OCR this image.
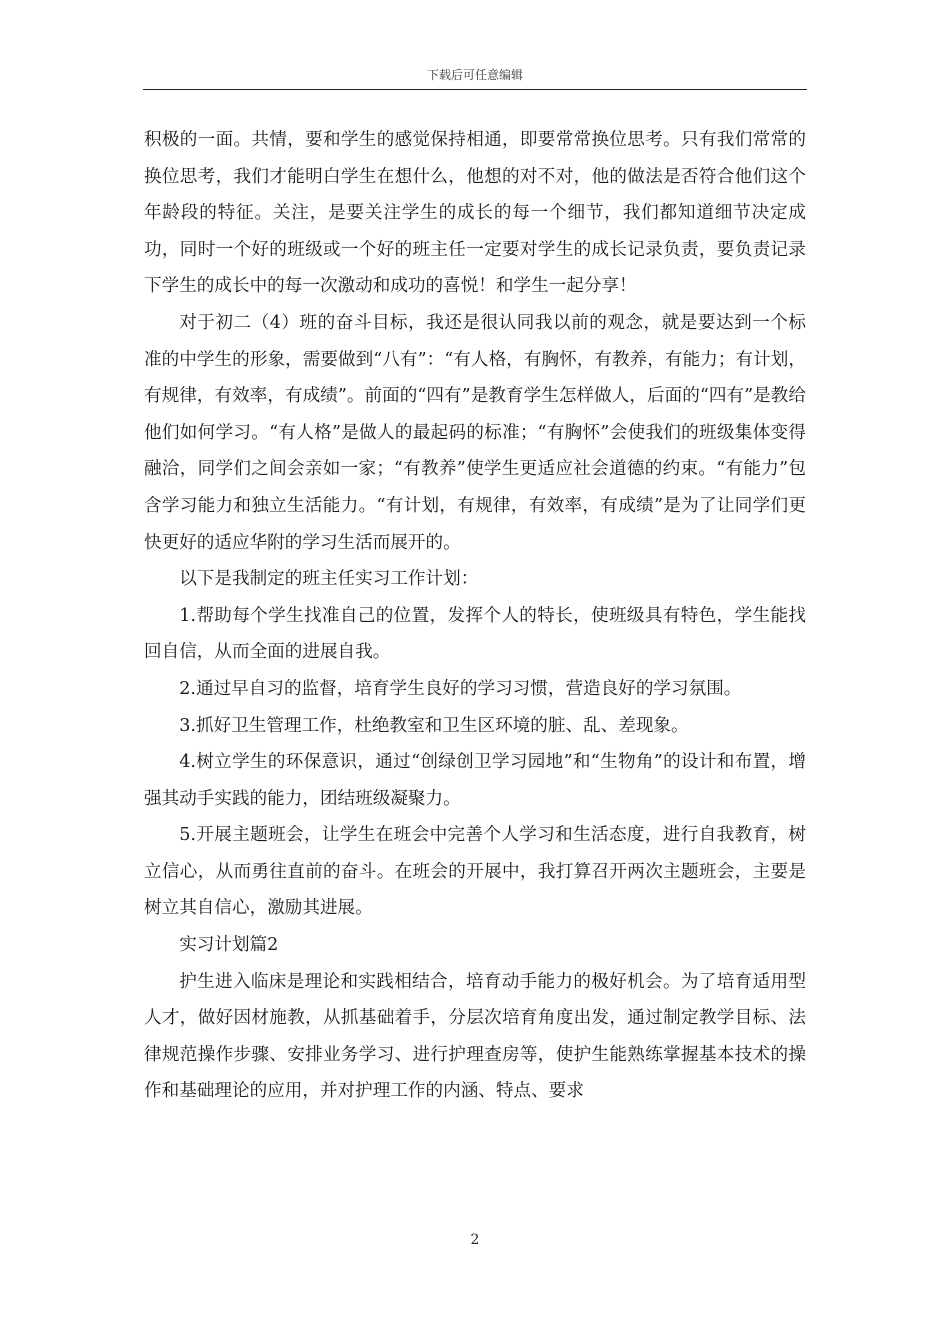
下载后可任意编辑

积极的一面。共情，要和学生的感觉保持相通，即要常常换位思考。只有我们常常的换位思考，我们才能明白学生在想什么，他想的对不对，他的做法是否符合他们这个年龄段的特征。关注，是要关注学生的成长的每一个细节，我们都知道细节决定成功，同时一个好的班级或一个好的班主任一定要对学生的成长记录负责，要负责记录下学生的成长中的每一次激动和成功的喜悦！和学生一起分享！

对于初二（4）班的奋斗目标，我还是很认同我以前的观念，就是要达到一个标准的中学生的形象，需要做到“八有”：“有人格，有胸怀，有教养，有能力；有计划，有规律，有效率，有成绩”。前面的“四有”是教育学生怎样做人，后面的“四有”是教给他们如何学习。“有人格”是做人的最起码的标准；“有胸怀”会使我们的班级集体变得融洽，同学们之间会亲如一家；“有教养”使学生更适应社会道德的约束。“有能力”包含学习能力和独立生活能力。“有计划，有规律，有效率，有成绩”是为了让同学们更快更好的适应华附的学习生活而展开的。

以下是我制定的班主任实习工作计划：

1.帮助每个学生找准自己的位置，发挥个人的特长，使班级具有特色，学生能找回自信，从而全面的进展自我。

2.通过早自习的监督，培育学生良好的学习习惯，营造良好的学习氛围。

3.抓好卫生管理工作，杜绝教室和卫生区环境的脏、乱、差现象。

4.树立学生的环保意识，通过“创绿创卫学习园地”和“生物角”的设计和布置，增强其动手实践的能力，团结班级凝聚力。

5.开展主题班会，让学生在班会中完善个人学习和生活态度，进行自我教育，树立信心，从而勇往直前的奋斗。在班会的开展中，我打算召开两次主题班会，主要是树立其自信心，激励其进展。

实习计划篇2

护生进入临床是理论和实践相结合，培育动手能力的极好机会。为了培育适用型人才，做好因材施教，从抓基础着手，分层次培育角度出发，通过制定教学目标、法律规范操作步骤、安排业务学习、进行护理查房等，使护生能熟练掌握基本技术的操作和基础理论的应用，并对护理工作的内涵、特点、要求

2
